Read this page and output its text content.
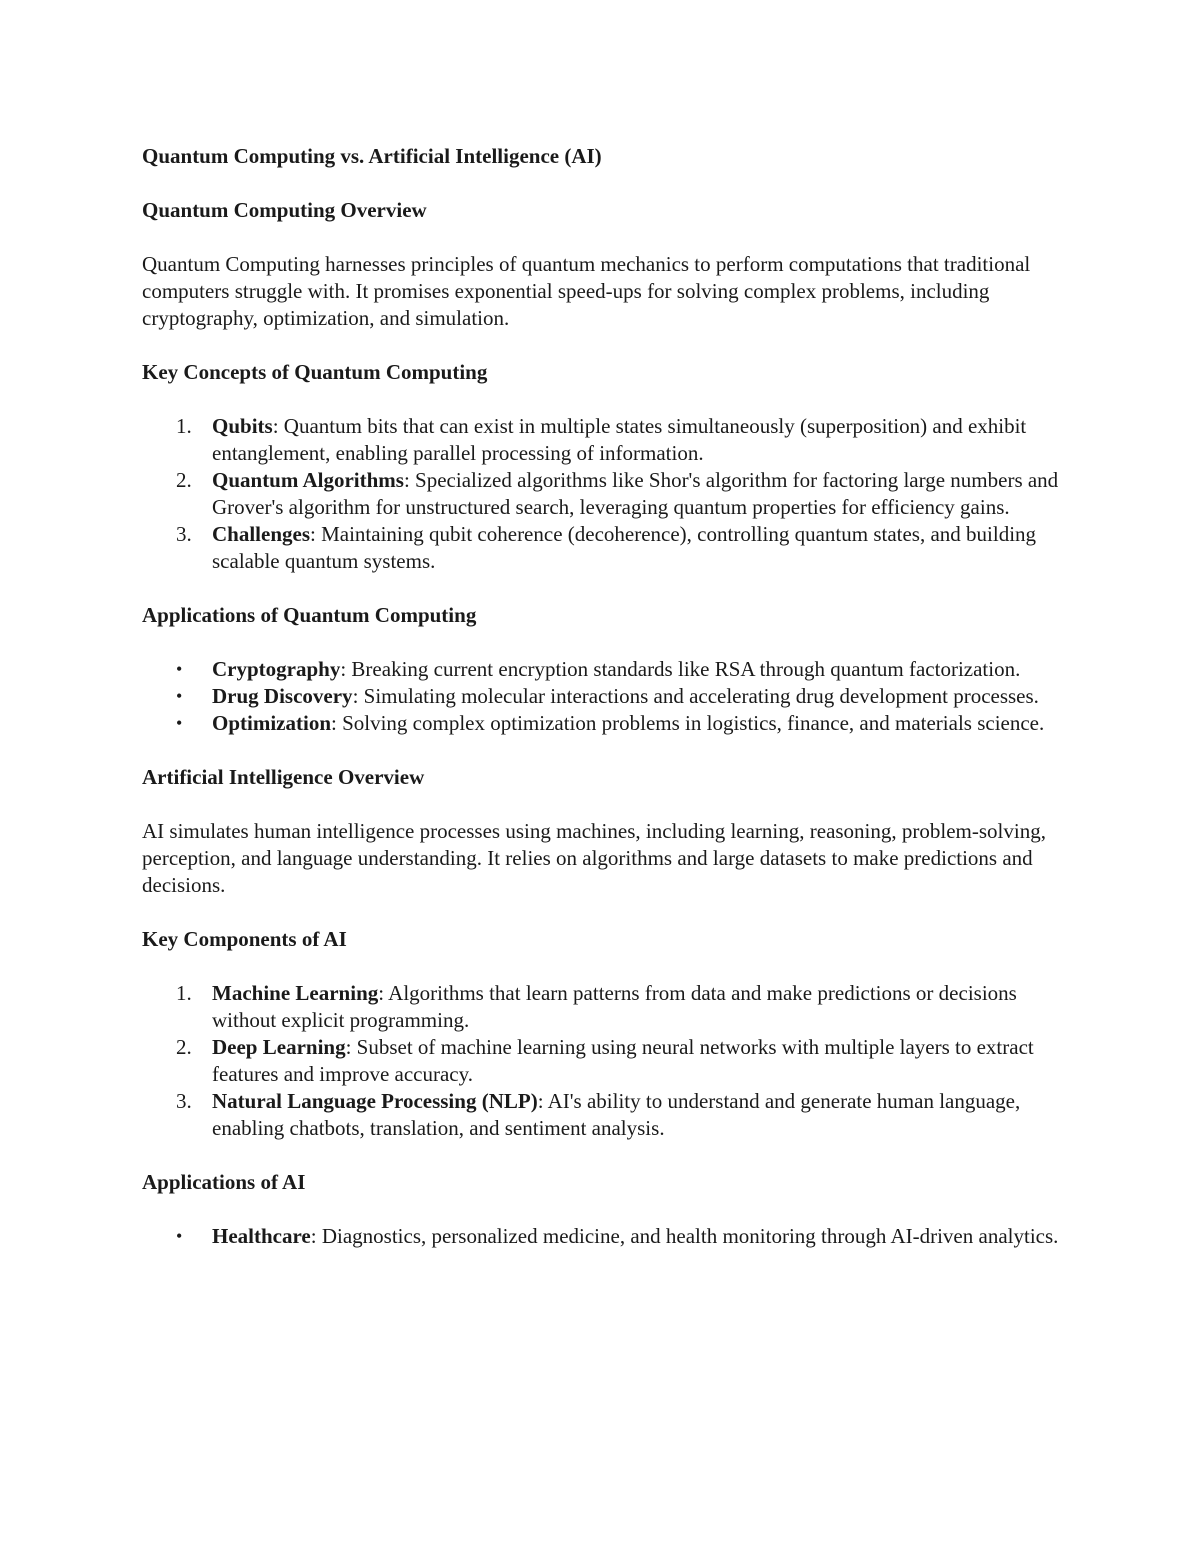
Quantum Computing vs. Artificial Intelligence (AI)
Quantum Computing Overview
Quantum Computing harnesses principles of quantum mechanics to perform computations that traditional computers struggle with. It promises exponential speed-ups for solving complex problems, including cryptography, optimization, and simulation.
Key Concepts of Quantum Computing
1. Qubits: Quantum bits that can exist in multiple states simultaneously (superposition) and exhibit entanglement, enabling parallel processing of information.
2. Quantum Algorithms: Specialized algorithms like Shor's algorithm for factoring large numbers and Grover's algorithm for unstructured search, leveraging quantum properties for efficiency gains.
3. Challenges: Maintaining qubit coherence (decoherence), controlling quantum states, and building scalable quantum systems.
Applications of Quantum Computing
• Cryptography: Breaking current encryption standards like RSA through quantum factorization.
• Drug Discovery: Simulating molecular interactions and accelerating drug development processes.
• Optimization: Solving complex optimization problems in logistics, finance, and materials science.
Artificial Intelligence Overview
AI simulates human intelligence processes using machines, including learning, reasoning, problem-solving, perception, and language understanding. It relies on algorithms and large datasets to make predictions and decisions.
Key Components of AI
1. Machine Learning: Algorithms that learn patterns from data and make predictions or decisions without explicit programming.
2. Deep Learning: Subset of machine learning using neural networks with multiple layers to extract features and improve accuracy.
3. Natural Language Processing (NLP): AI's ability to understand and generate human language, enabling chatbots, translation, and sentiment analysis.
Applications of AI
• Healthcare: Diagnostics, personalized medicine, and health monitoring through AI-driven analytics.
